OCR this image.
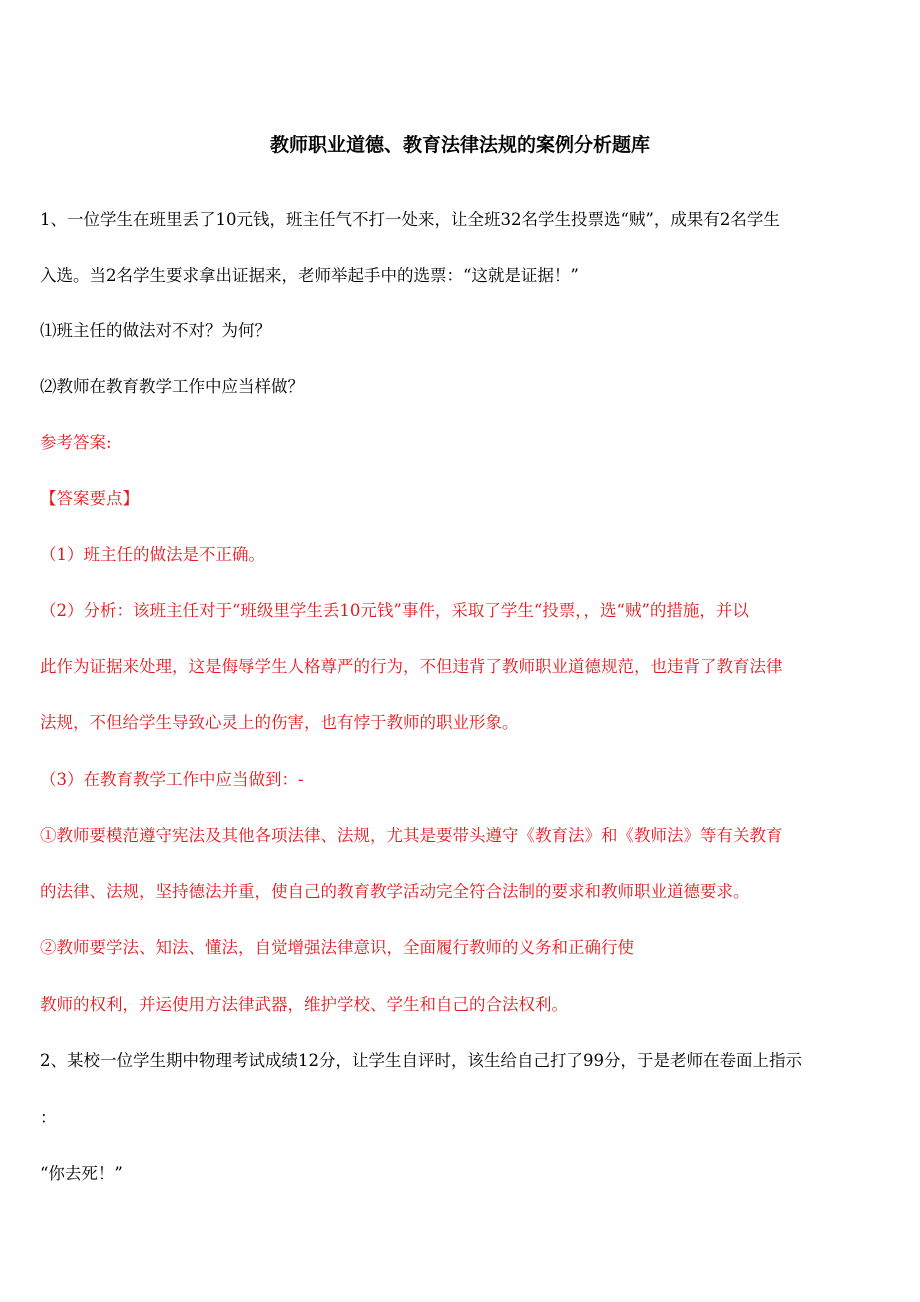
教师职业道德、教育法律法规的案例分析题库
1、一位学生在班里丢了10元钱，班主任气不打一处来，让全班32名学生投票选“贼”，成果有2名学生
入选。当2名学生要求拿出证据来，老师举起手中的选票：“这就是证据！”
⑴班主任的做法对不对？为何？
⑵教师在教育教学工作中应当样做？
参考答案:
【答案要点】
（1）班主任的做法是不正确。
（2）分析：该班主任对于“班级里学生丢10元钱”事件，采取了学生“投票，，选“贼”的措施，并以
此作为证据来处理，这是侮辱学生人格尊严的行为，不但违背了教师职业道德规范，也违背了教育法律
法规，不但给学生导致心灵上的伤害，也有悖于教师的职业形象。
（3）在教育教学工作中应当做到：-
①教师要模范遵守宪法及其他各项法律、法规，尤其是要带头遵守《教育法》和《教师法》等有关教育
的法律、法规，坚持德法并重，使自己的教育教学活动完全符合法制的要求和教师职业道德要求。
②教师要学法、知法、懂法，自觉增强法律意识，全面履行教师的义务和正确行使
教师的权利，并运使用方法律武器，维护学校、学生和自己的合法权利。
2、某校一位学生期中物理考试成绩12分，让学生自评时，该生给自己打了99分，于是老师在卷面上指示
：
“你去死！”
